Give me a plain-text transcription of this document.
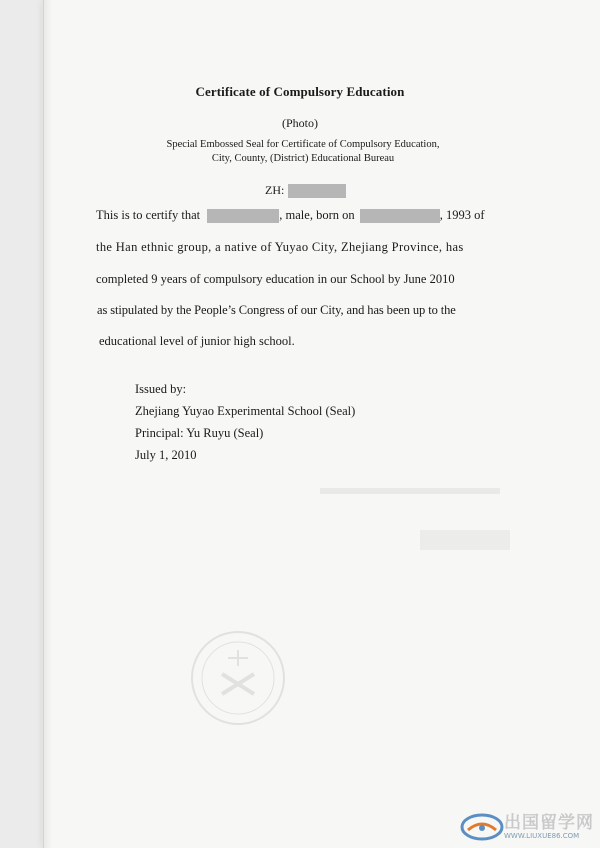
Certificate of Compulsory Education
(Photo)
Special Embossed Seal for Certificate of Compulsory Education,
City, County, (District) Educational Bureau
ZH:
This is to certify that	, male, born on	, 1993 of
the Han ethnic group, a native of Yuyao City, Zhejiang Province, has
completed 9 years of compulsory education in our School by June 2010
as stipulated by the People’s Congress of our City, and has been up to the
educational level of junior high school.
Issued by:
Zhejiang Yuyao Experimental School (Seal)
Principal: Yu Ruyu (Seal)
July 1, 2010
出国留学网
WWW.LIUXUE86.COM
